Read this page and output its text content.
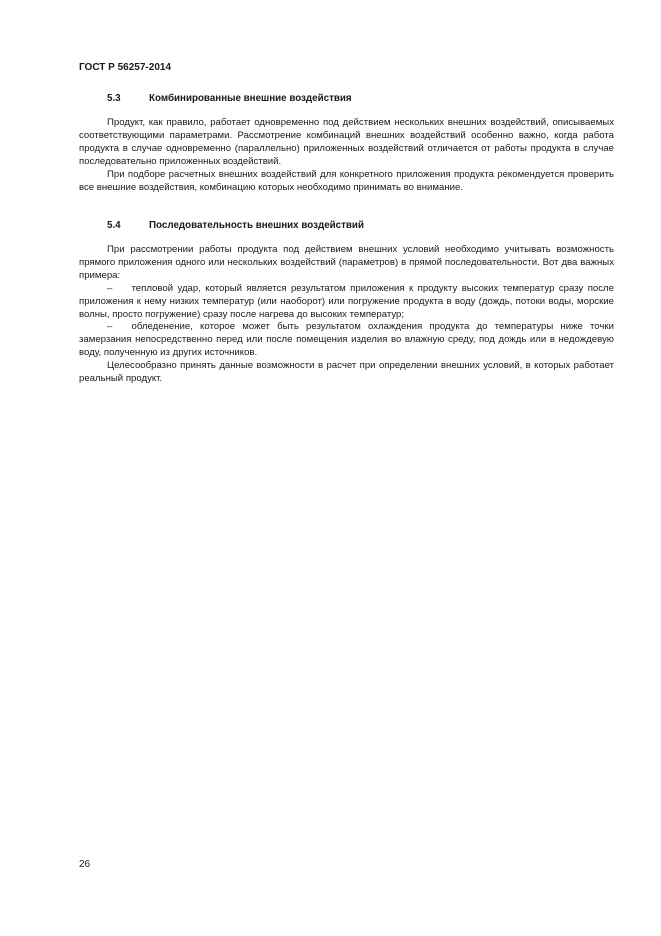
ГОСТ Р 56257-2014
5.3	Комбинированные внешние воздействия

Продукт, как правило, работает одновременно под действием нескольких внешних воздействий, описываемых соответствующими параметрами. Рассмотрение комбинаций внешних воздействий особенно важно, когда работа продукта в случае одновременно (параллельно) приложенных воздействий отличается от работы продукта в случае последовательно приложенных воздействий.

При подборе расчетных внешних воздействий для конкретного приложения продукта рекомендуется проверить все внешние воздействия, комбинацию которых необходимо принимать во внимание.

5.4	Последовательность внешних воздействий

При рассмотрении работы продукта под действием внешних условий необходимо учитывать возможность прямого приложения одного или нескольких воздействий (параметров) в прямой последовательности. Вот два важных примера:

–  тепловой удар, который является результатом приложения к продукту высоких температур сразу после приложения к нему низких температур (или наоборот) или погружение продукта в воду (дождь, потоки воды, морские волны, просто погружение) сразу после нагрева до высоких температур;

–  обледенение, которое может быть результатом охлаждения продукта до температуры ниже точки замерзания непосредственно перед или после помещения изделия во влажную среду, под дождь или в недождевую воду, полученную из других источников.

Целесообразно принять данные возможности в расчет при определении внешних условий, в которых работает реальный продукт.

26
